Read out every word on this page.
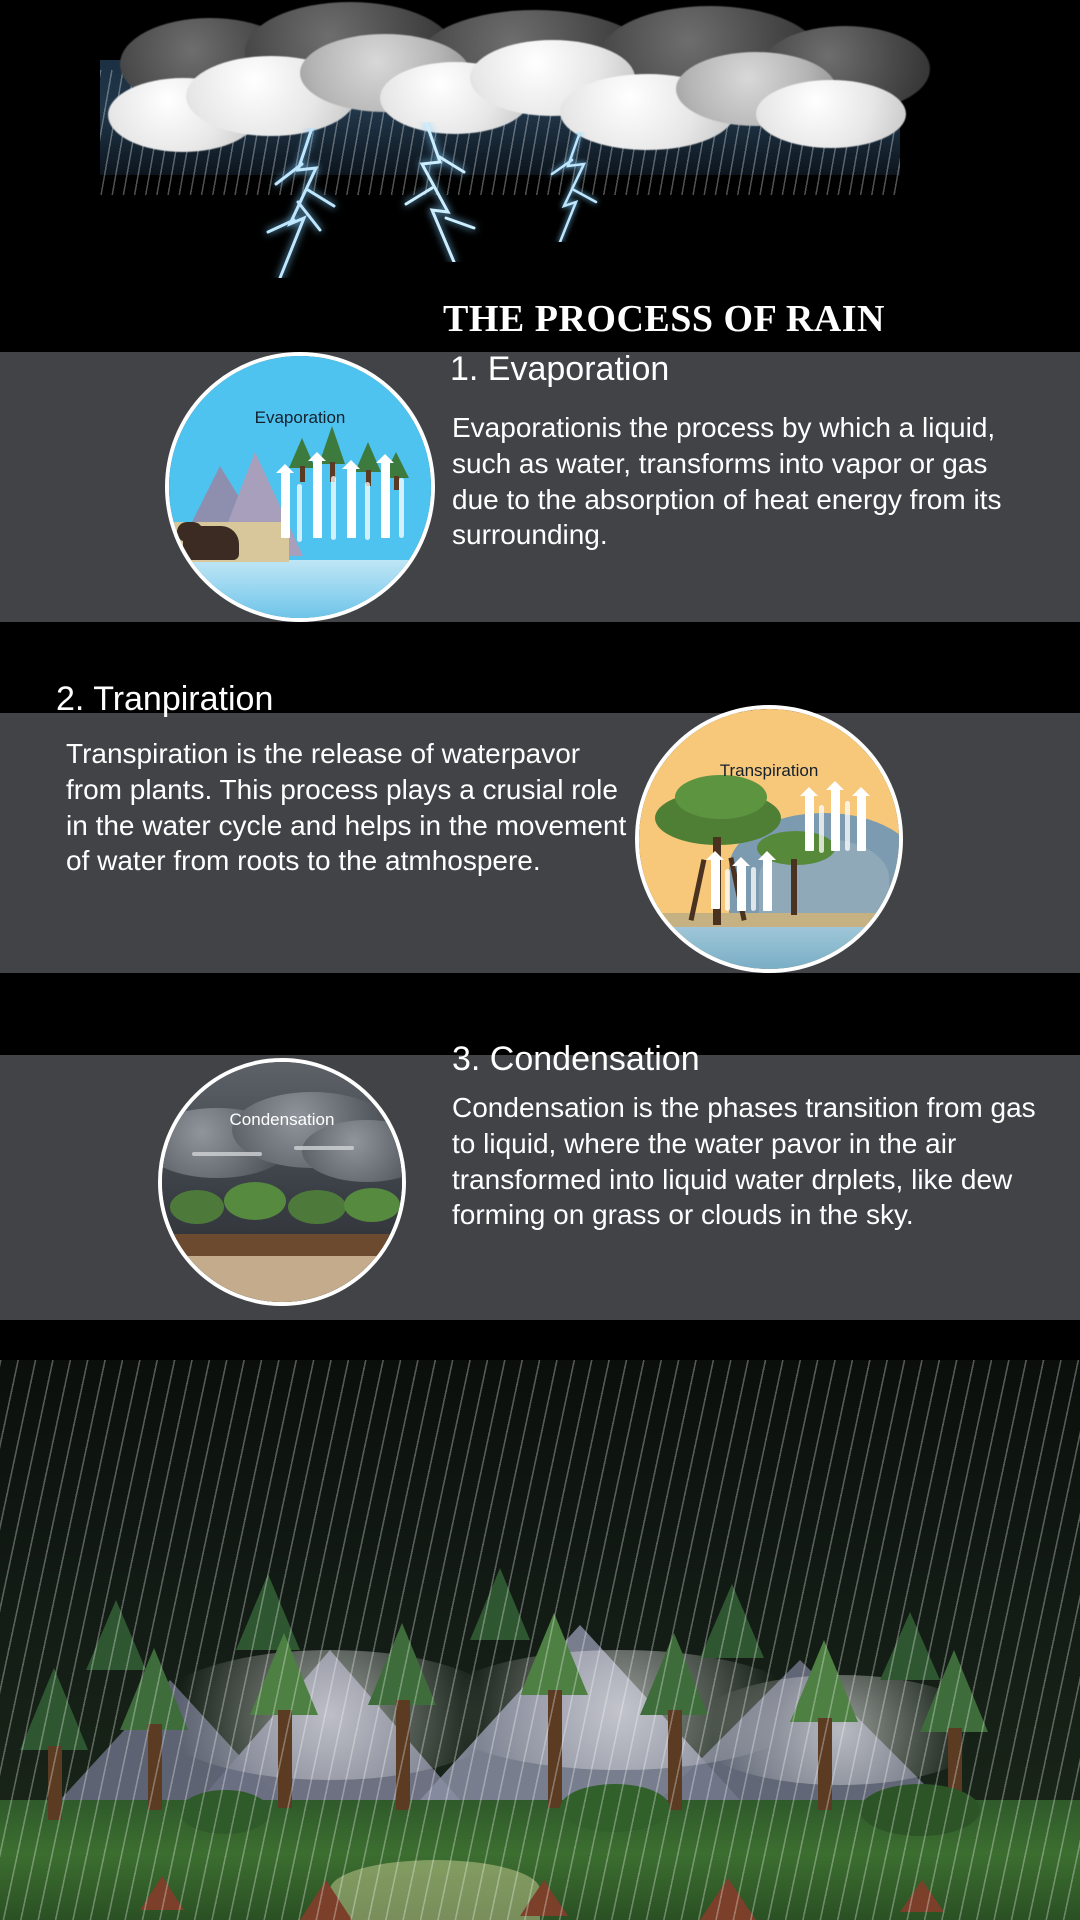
Evaporation
THE PROCESS OF RAIN
1. Evaporation
Evaporationis the process by which a liquid, such as water, transforms into vapor or gas due to the absorption of heat energy from its surrounding.
Transpiration
2. Tranpiration
Transpiration is the release of waterpavor from plants. This process plays a crusial role in the water cycle and helps in the movement of water from roots to the atmhospere.
Condensation
3. Condensation
Condensation is the phases transition from gas to liquid, where the water pavor in the air transformed into liquid water drplets, like dew forming on grass or clouds in the sky.
